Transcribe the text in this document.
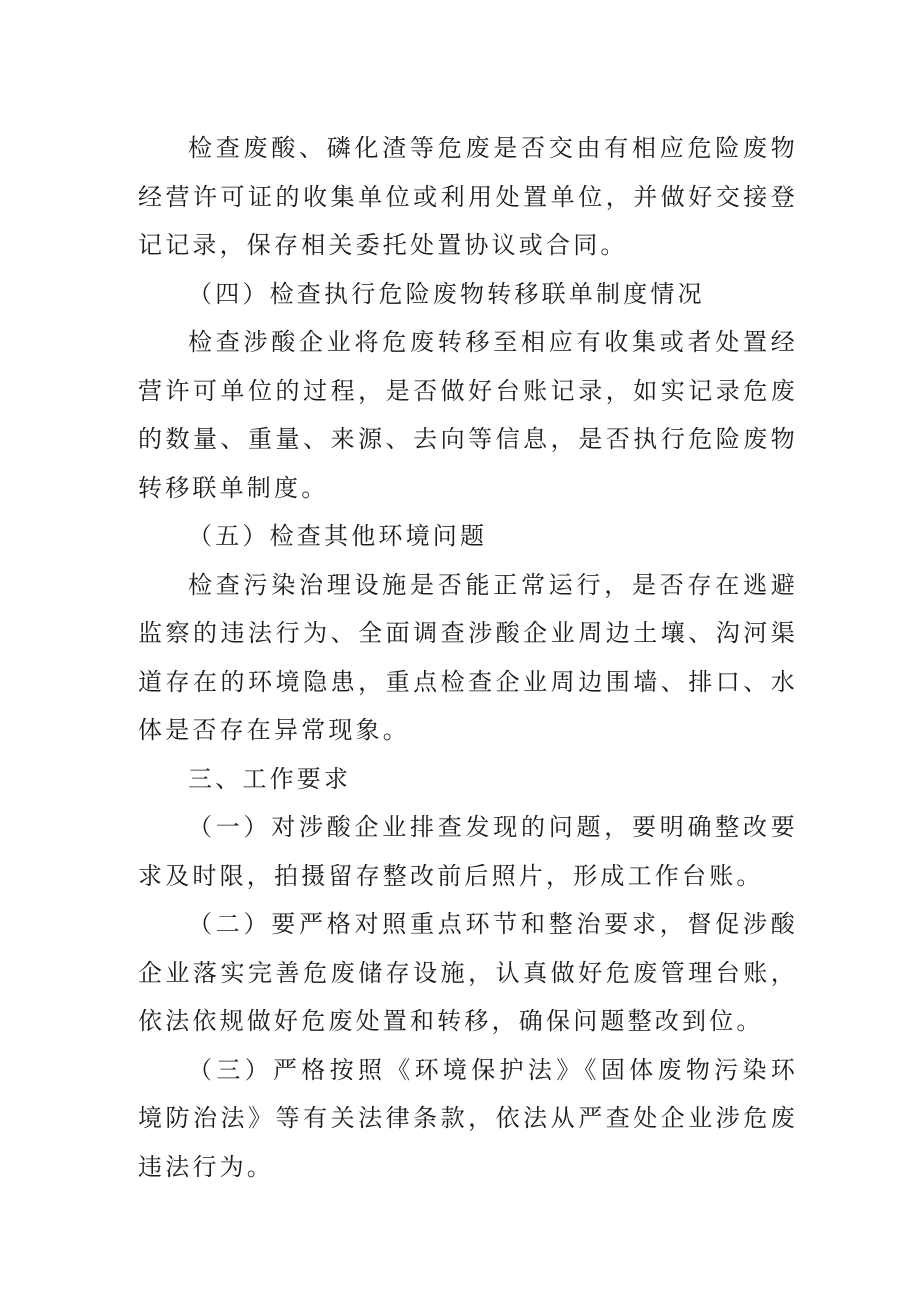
检查废酸、磷化渣等危废是否交由有相应危险废物经营许可证的收集单位或利用处置单位，并做好交接登记记录，保存相关委托处置协议或合同。

（四）检查执行危险废物转移联单制度情况

检查涉酸企业将危废转移至相应有收集或者处置经营许可单位的过程，是否做好台账记录，如实记录危废的数量、重量、来源、去向等信息，是否执行危险废物转移联单制度。

（五）检查其他环境问题

检查污染治理设施是否能正常运行，是否存在逃避监察的违法行为、全面调查涉酸企业周边土壤、沟河渠道存在的环境隐患，重点检查企业周边围墙、排口、水体是否存在异常现象。

三、工作要求

（一）对涉酸企业排查发现的问题，要明确整改要求及时限，拍摄留存整改前后照片，形成工作台账。

（二）要严格对照重点环节和整治要求，督促涉酸企业落实完善危废储存设施，认真做好危废管理台账，依法依规做好危废处置和转移，确保问题整改到位。

（三）严格按照《环境保护法》《固体废物污染环境防治法》等有关法律条款，依法从严查处企业涉危废违法行为。
